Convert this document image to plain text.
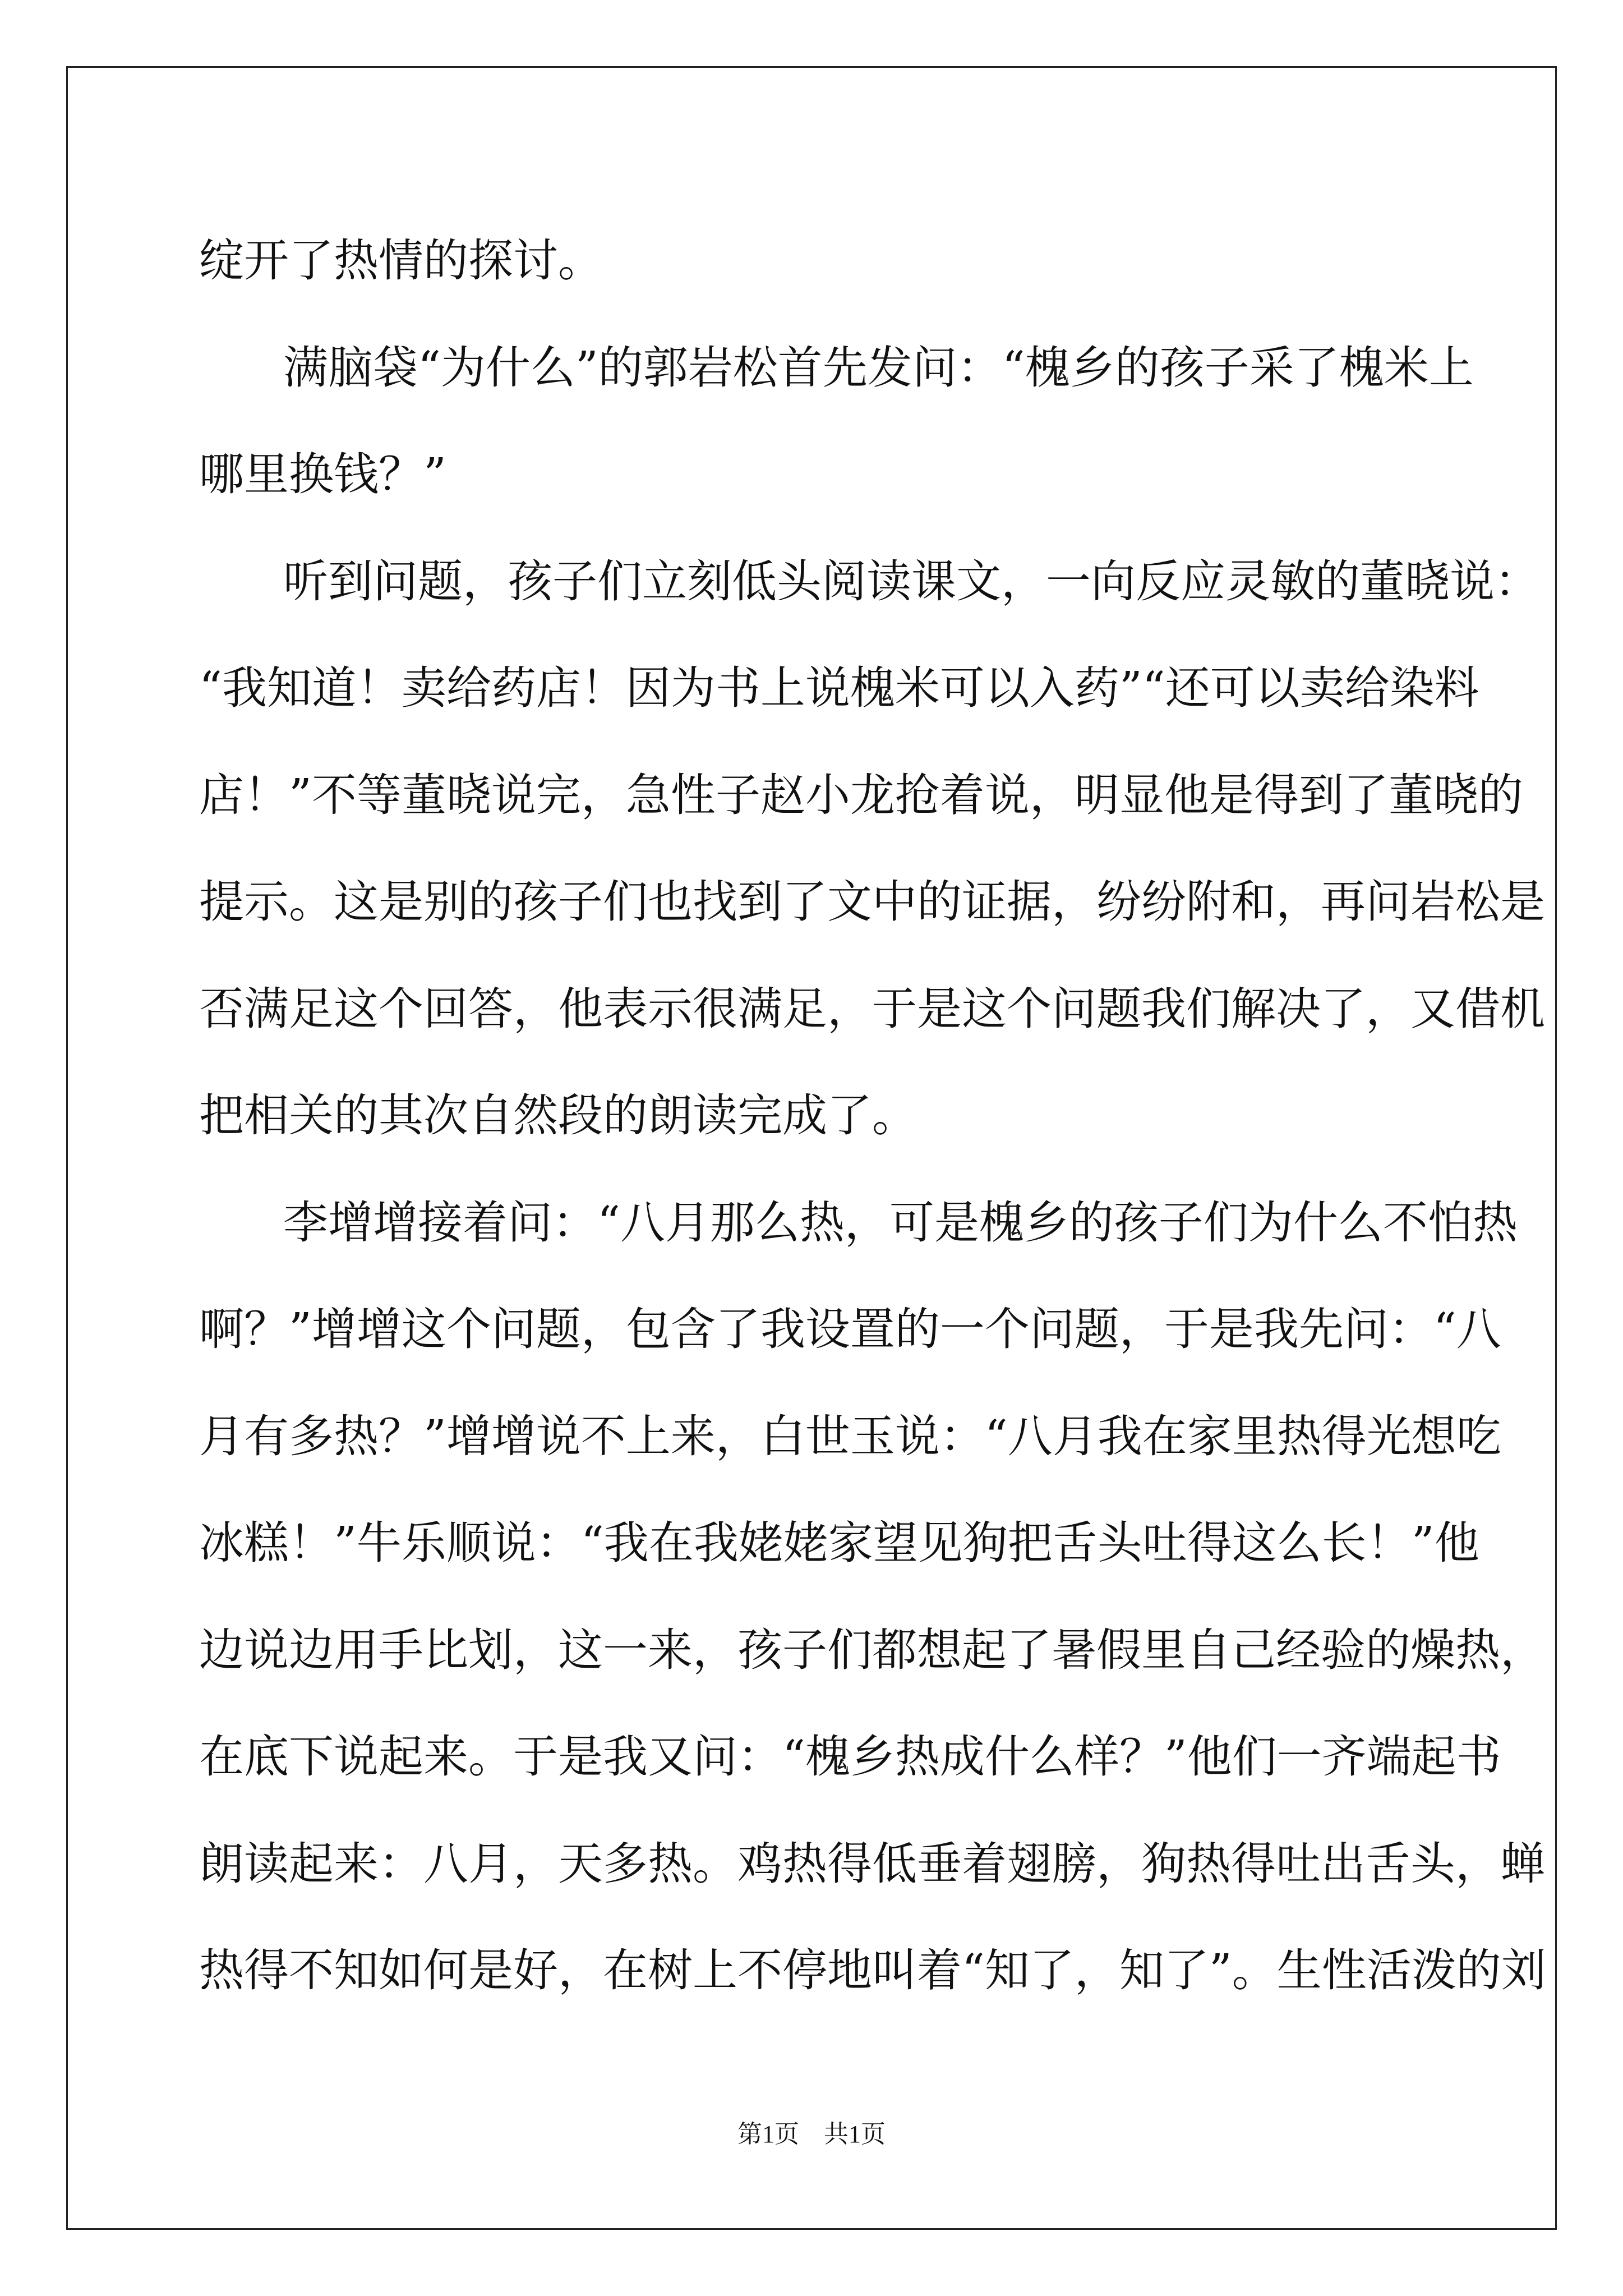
绽开了热情的探讨。
满脑袋“为什么”的郭岩松首先发问：“槐乡的孩子采了槐米上
哪里换钱？”
听到问题，孩子们立刻低头阅读课文，一向反应灵敏的董晓说：
“我知道！卖给药店！因为书上说槐米可以入药”“还可以卖给染料
店！”不等董晓说完，急性子赵小龙抢着说，明显他是得到了董晓的
提示。这是别的孩子们也找到了文中的证据，纷纷附和，再问岩松是
否满足这个回答，他表示很满足，于是这个问题我们解决了，又借机
把相关的其次自然段的朗读完成了。
李增增接着问：“八月那么热，可是槐乡的孩子们为什么不怕热
啊？”增增这个问题，包含了我设置的一个问题，于是我先问：“八
月有多热？”增增说不上来，白世玉说：“八月我在家里热得光想吃
冰糕！”牛乐顺说：“我在我姥姥家望见狗把舌头吐得这么长！”他
边说边用手比划，这一来，孩子们都想起了暑假里自己经验的燥热，
在底下说起来。于是我又问：“槐乡热成什么样？”他们一齐端起书
朗读起来：八月，天多热。鸡热得低垂着翅膀，狗热得吐出舌头，蝉
热得不知如何是好，在树上不停地叫着“知了，知了”。生性活泼的刘
第1页　共1页
